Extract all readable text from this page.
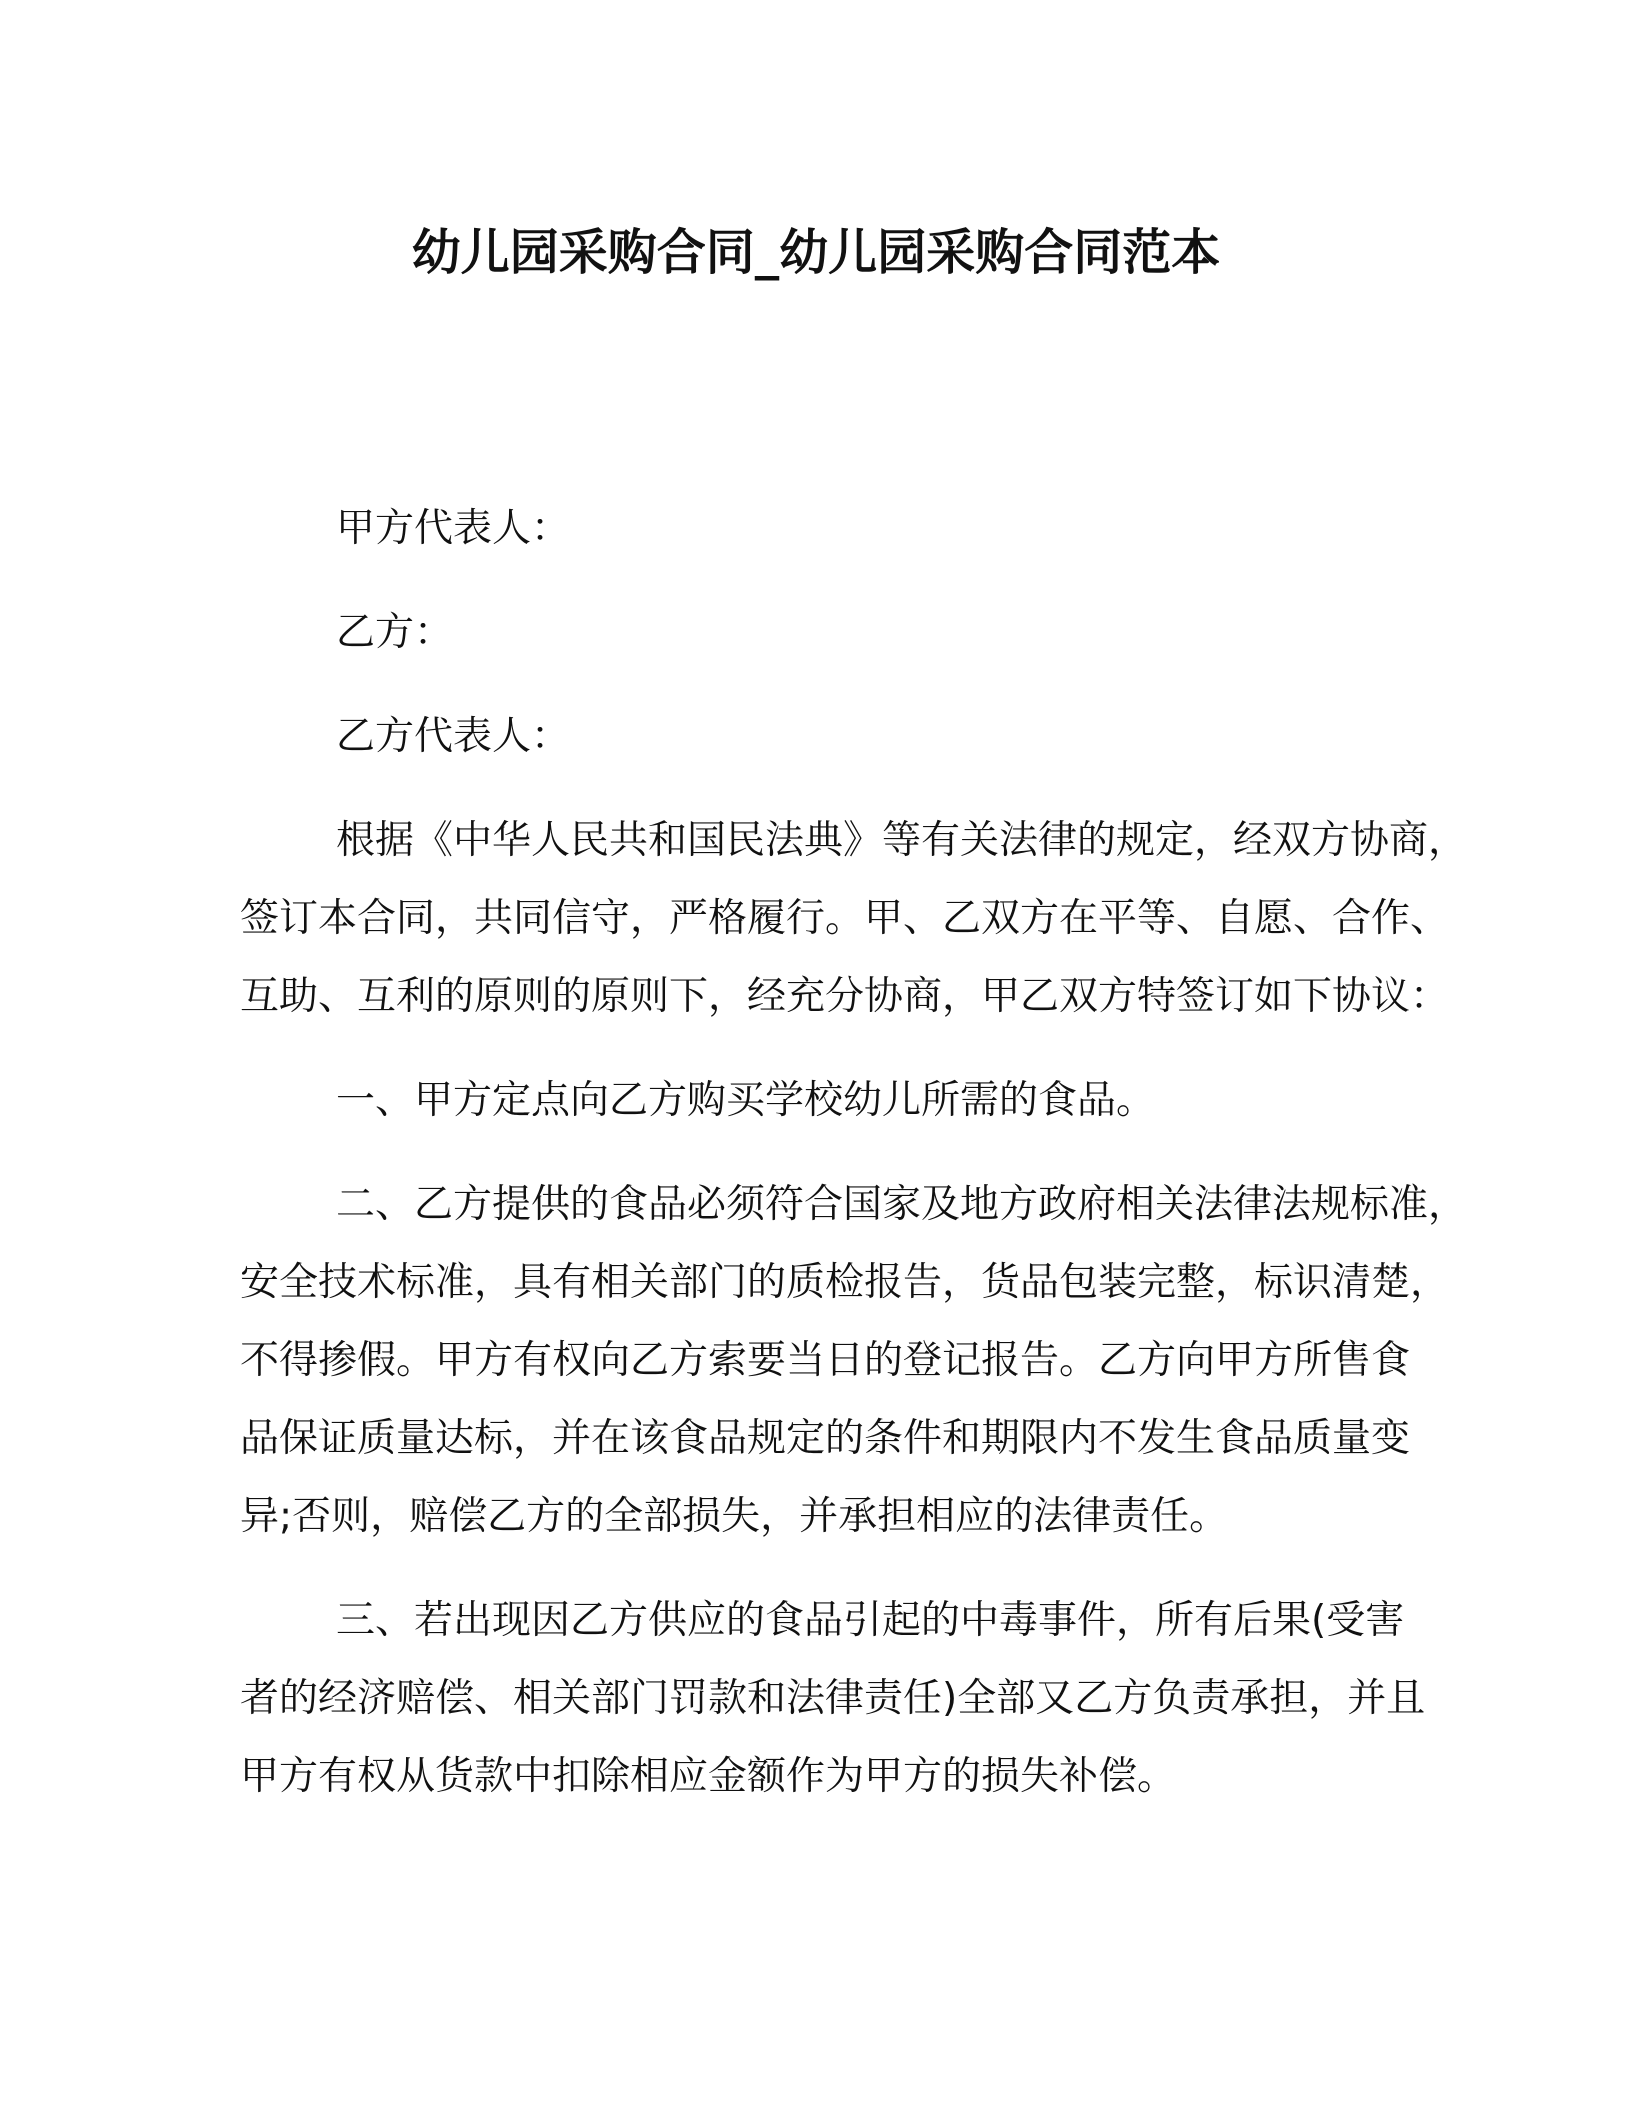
幼儿园采购合同_幼儿园采购合同范本

甲方代表人：

乙方：

乙方代表人：

根据《中华人民共和国民法典》等有关法律的规定，经双方协商，

签订本合同，共同信守，严格履行。甲、乙双方在平等、自愿、合作、

互助、互利的原则的原则下，经充分协商，甲乙双方特签订如下协议：

一、甲方定点向乙方购买学校幼儿所需的食品。

二、乙方提供的食品必须符合国家及地方政府相关法律法规标准，

安全技术标准，具有相关部门的质检报告，货品包装完整，标识清楚，

不得掺假。甲方有权向乙方索要当日的登记报告。乙方向甲方所售食

品保证质量达标，并在该食品规定的条件和期限内不发生食品质量变

异;否则，赔偿乙方的全部损失，并承担相应的法律责任。

三、若出现因乙方供应的食品引起的中毒事件，所有后果(受害

者的经济赔偿、相关部门罚款和法律责任)全部又乙方负责承担，并且

甲方有权从货款中扣除相应金额作为甲方的损失补偿。
